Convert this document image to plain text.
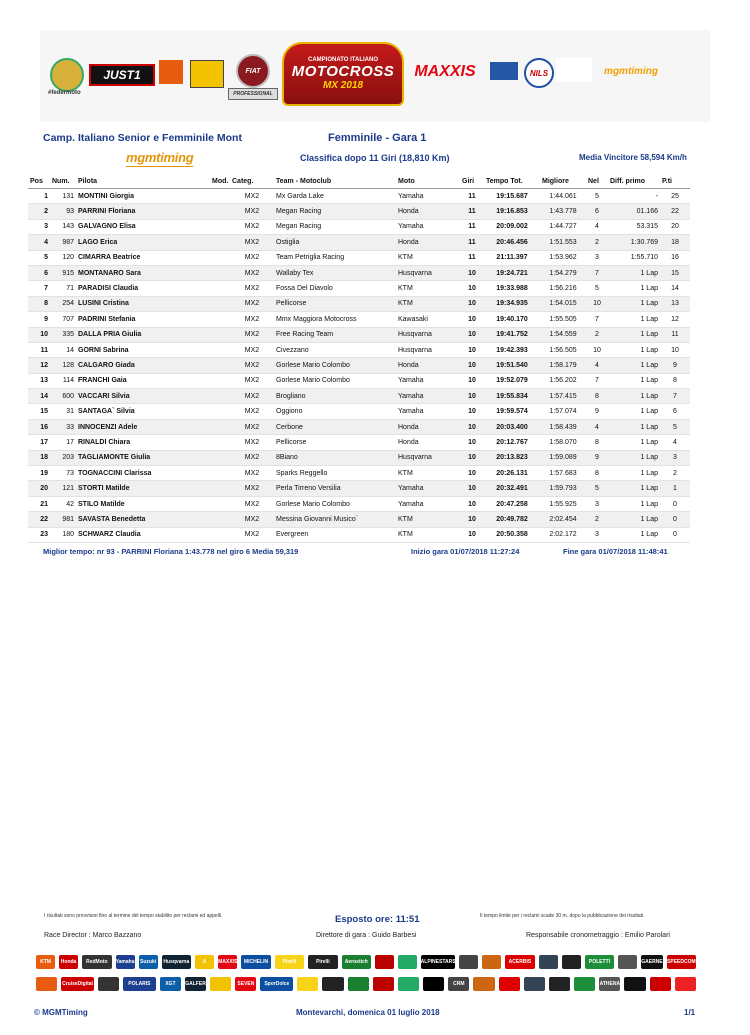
#federmoto
JUST1	FIAT
PROFESSIONAL
CAMPIONATO ITALIANO
MOTOCROSS
MX 2018
MAXXIS	NILS	mgmtiming
Camp. Italiano Senior e Femminile Mont	Femminile - Gara 1
mgmtiming	Classifica dopo 11 Giri (18,810 Km)	Media Vincitore 58,594 Km/h
Pos	Num.	Pilota	Mod.	Categ.	Team - Motoclub	Moto	Giri	Tempo Tot.	Migliore	Nel	Diff. primo	P.ti
1	131	MONTINI Giorgia		MX2	Mx Garda Lake	Yamaha	11	19:15.687	1:44.061	5	-	25
2	93	PARRINI Floriana		MX2	Megan Racing	Honda	11	19:16.853	1:43.778	6	01.166	22
3	143	GALVAGNO Elisa		MX2	Megan Racing	Yamaha	11	20:09.002	1:44.727	4	53.315	20
4	987	LAGO Erica		MX2	Ostiglia	Honda	11	20:46.456	1:51.553	2	1:30.769	18
5	120	CIMARRA Beatrice		MX2	Team Petriglia Racing	KTM	11	21:11.397	1:53.962	3	1:55.710	16
6	915	MONTANARO Sara		MX2	Wallaby Tex	Husqvarna	10	19:24.721	1:54.279	7	1 Lap	15
7	71	PARADISI Claudia		MX2	Fossa Del Diavolo	KTM	10	19:33.988	1:56.216	5	1 Lap	14
8	254	LUSINI Cristina		MX2	Pellicorse	KTM	10	19:34.935	1:54.015	10	1 Lap	13
9	707	PADRINI Stefania		MX2	Mmx Maggiora Motocross	Kawasaki	10	19:40.170	1:55.505	7	1 Lap	12
10	335	DALLA PRIA Giulia		MX2	Free Racing Team	Husqvarna	10	19:41.752	1:54.559	2	1 Lap	11
11	14	GORNI Sabrina		MX2	Civezzano	Husqvarna	10	19:42.393	1:56.505	10	1 Lap	10
12	128	CALGARO Giada		MX2	Gorlese Mario Colombo	Honda	10	19:51.540	1:58.179	4	1 Lap	9
13	114	FRANCHI Gaia		MX2	Gorlese Mario Colombo	Yamaha	10	19:52.079	1:56.202	7	1 Lap	8
14	600	VACCARI Silvia		MX2	Brogliano	Yamaha	10	19:55.834	1:57.415	8	1 Lap	7
15	31	SANTAGA` Silvia		MX2	Oggiono	Yamaha	10	19:59.574	1:57.074	9	1 Lap	6
16	33	INNOCENZI Adele		MX2	Cerbone	Honda	10	20:03.400	1:58.439	4	1 Lap	5
17	17	RINALDI Chiara		MX2	Pellicorse	Honda	10	20:12.767	1:58.070	8	1 Lap	4
18	203	TAGLIAMONTE Giulia		MX2	8Biano	Husqvarna	10	20:13.823	1:59.089	9	1 Lap	3
19	73	TOGNACCINI Clarissa		MX2	Sparks Reggello	KTM	10	20:26.131	1:57.683	8	1 Lap	2
20	121	STORTI Matilde		MX2	Perla Tirreno Versilia	Yamaha	10	20:32.491	1:59.793	5	1 Lap	1
21	42	STILO Matilde		MX2	Gorlese Mario Colombo	Yamaha	10	20:47.258	1:55.925	3	1 Lap	0
22	981	SAVASTA Benedetta		MX2	Messina Giovanni Musico`	KTM	10	20:49.782	2:02.454	2	1 Lap	0
23	180	SCHWARZ Claudia		MX2	Evergreen	KTM	10	20:50.358	2:02.172	3	1 Lap	0
Miglior tempo: nr 93 - PARRINI Floriana 1:43.778 nel giro 6 Media 59,319	Inizio gara 01/07/2018 11:27:24	Fine gara 01/07/2018 11:48:41
I risultati sono provvisori fino al termine del tempo stabilito per reclami ed appelli.	Esposto ore: 11:51	Il tempo limite per i reclami scade 30 m. dopo la pubblicazione dei risultati.
Race Director : Marco Bazzano	Direttore di gara : Guido Barbesi	Responsabile cronometraggio : Emilio Parolari
KTM	Honda	RedMoto	Yamaha Suzuki	Husqvarna	A	MAXXIS	MICHELIN	Pirelli	Pirelli	Aerostich	ALPINESTARS	ACERBIS	POLETTI	GAERNE SPEEDCOM
CruiseDigital	POLARIS	XGT	GALFER	SEVEN	SporDolce	CRM	ATHENA
© MGMTiming	Montevarchi, domenica 01 luglio 2018	1/1
